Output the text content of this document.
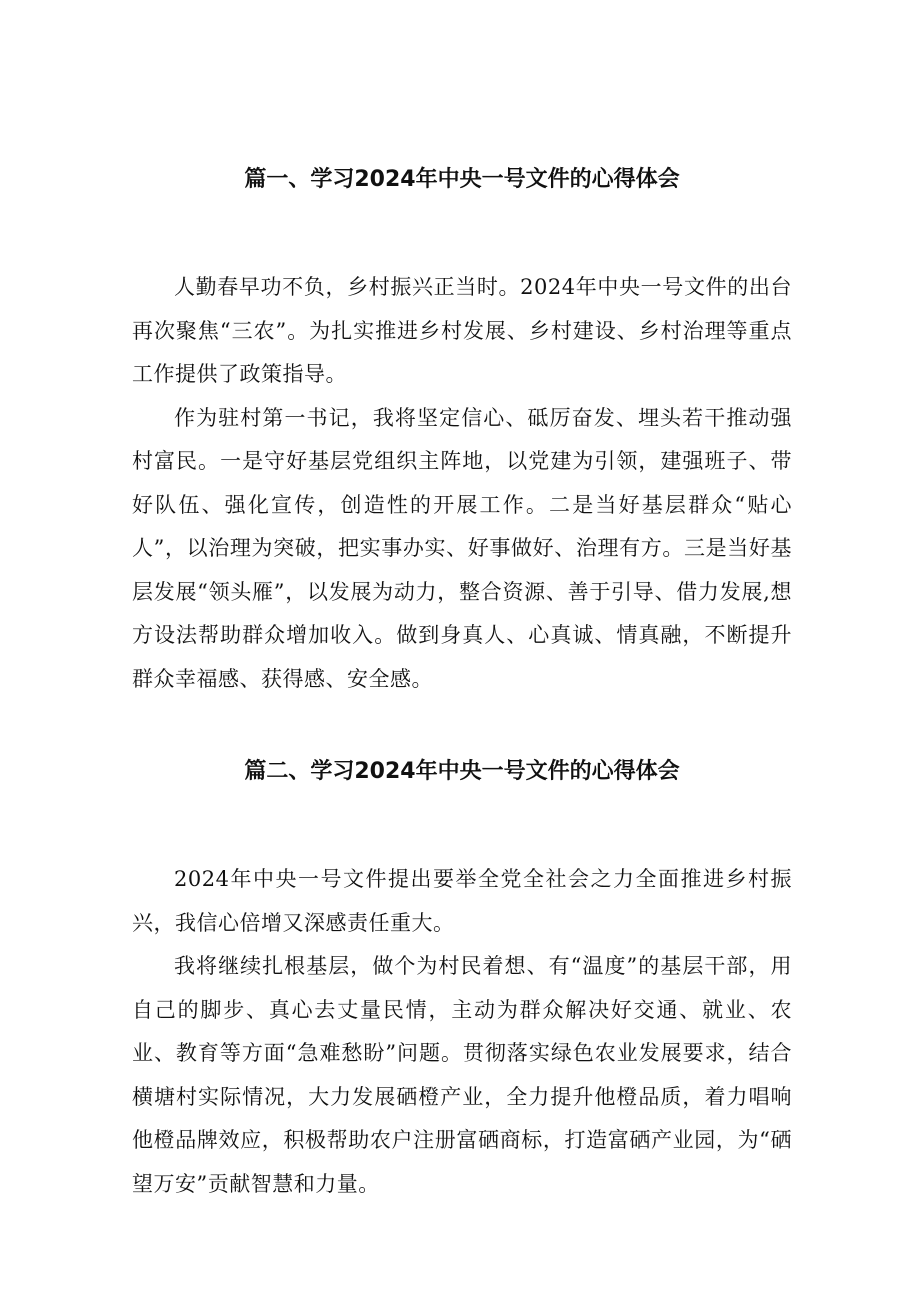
篇一、学习2024年中央一号文件的心得体会

人勤春早功不负，乡村振兴正当时。2024年中央一号文件的出台再次聚焦“三农”。为扎实推进乡村发展、乡村建设、乡村治理等重点工作提供了政策指导。

作为驻村第一书记，我将坚定信心、砥厉奋发、埋头若干推动强村富民。一是守好基层党组织主阵地，以党建为引领，建强班子、带好队伍、强化宣传，创造性的开展工作。二是当好基层群众“贴心人”，以治理为突破，把实事办实、好事做好、治理有方。三是当好基层发展“领头雁”，以发展为动力，整合资源、善于引导、借力发展,想方设法帮助群众增加收入。做到身真人、心真诚、情真融，不断提升群众幸福感、获得感、安全感。

篇二、学习2024年中央一号文件的心得体会

2024年中央一号文件提出要举全党全社会之力全面推进乡村振兴，我信心倍增又深感责任重大。

我将继续扎根基层，做个为村民着想、有“温度”的基层干部，用自己的脚步、真心去丈量民情，主动为群众解决好交通、就业、农业、教育等方面“急难愁盼”问题。贯彻落实绿色农业发展要求，结合横塘村实际情况，大力发展硒橙产业，全力提升他橙品质，着力唱响他橙品牌效应，积极帮助农户注册富硒商标，打造富硒产业园，为“硒望万安”贡献智慧和力量。
